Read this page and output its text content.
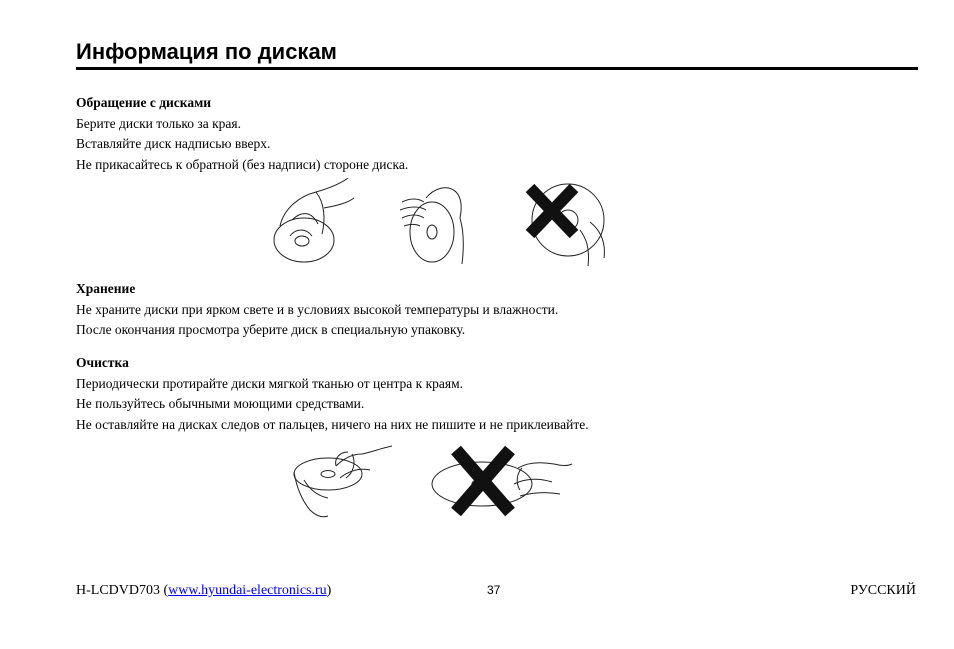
Информация по дискам
Обращение с дисками
Берите диски только за края.
Вставляйте диск надписью вверх.
Не прикасайтесь к обратной (без надписи) стороне диска.
Хранение
Не храните диски при ярком свете и в условиях высокой температуры и влажности.
После окончания просмотра уберите диск в специальную упаковку.
Очистка
Периодически протирайте диски мягкой тканью от центра к краям.
Не пользуйтесь обычными моющими средствами.
Не оставляйте на дисках следов от пальцев, ничего на них не пишите и не приклеивайте.
H-LCDVD703 (www.hyundai-electronics.ru)	37	РУССКИЙ
